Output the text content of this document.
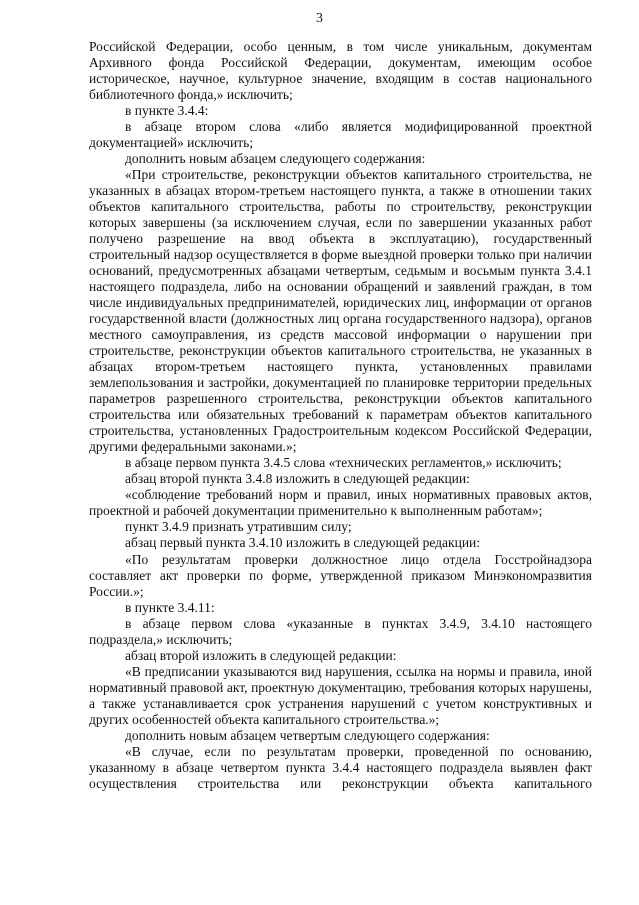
3

Российской Федерации, особо ценным, в том числе уникальным, документам Архивного фонда Российской Федерации, документам, имеющим особое историческое, научное, культурное значение, входящим в состав национального библиотечного фонда,» исключить;

в пункте 3.4.4:

в абзаце втором слова «либо является модифицированной проектной документацией» исключить;

дополнить новым абзацем следующего содержания:

«При строительстве, реконструкции объектов капитального строительства, не указанных в абзацах втором-третьем настоящего пункта, а также в отношении таких объектов капитального строительства, работы по строительству, реконструкции которых завершены (за исключением случая, если по завершении указанных работ получено разрешение на ввод объекта в эксплуатацию), государственный строительный надзор осуществляется в форме выездной проверки только при наличии оснований, предусмотренных абзацами четвертым, седьмым и восьмым пункта 3.4.1 настоящего подраздела, либо на основании обращений и заявлений граждан, в том числе индивидуальных предпринимателей, юридических лиц, информации от органов государственной власти (должностных лиц органа государственного надзора), органов местного самоуправления, из средств массовой информации о нарушении при строительстве, реконструкции объектов капитального строительства, не указанных в абзацах втором-третьем настоящего пункта, установленных правилами землепользования и застройки, документацией по планировке территории предельных параметров разрешенного строительства, реконструкции объектов капитального строительства или обязательных требований к параметрам объектов капитального строительства, установленных Градостроительным кодексом Российской Федерации, другими федеральными законами.»;

в абзаце первом пункта 3.4.5 слова «технических регламентов,» исключить;

абзац второй пункта 3.4.8 изложить в следующей редакции:

«соблюдение требований норм и правил, иных нормативных правовых актов, проектной и рабочей документации применительно к выполненным работам»;

пункт 3.4.9 признать утратившим силу;

абзац первый пункта 3.4.10 изложить в следующей редакции:

«По результатам проверки должностное лицо отдела Госстройнадзора составляет акт проверки по форме, утвержденной приказом Минэкономразвития России.»;

в пункте 3.4.11:

в абзаце первом слова «указанные в пунктах 3.4.9, 3.4.10 настоящего подраздела,» исключить;

абзац второй изложить в следующей редакции:

«В предписании указываются вид нарушения, ссылка на нормы и правила, иной нормативный правовой акт, проектную документацию, требования которых нарушены, а также устанавливается срок устранения нарушений с учетом конструктивных и других особенностей объекта капитального строительства.»;

дополнить новым абзацем четвертым следующего содержания:

«В случае, если по результатам проверки, проведенной по основанию, указанному в абзаце четвертом пункта 3.4.4 настоящего подраздела выявлен факт осуществления строительства или реконструкции объекта капитального
